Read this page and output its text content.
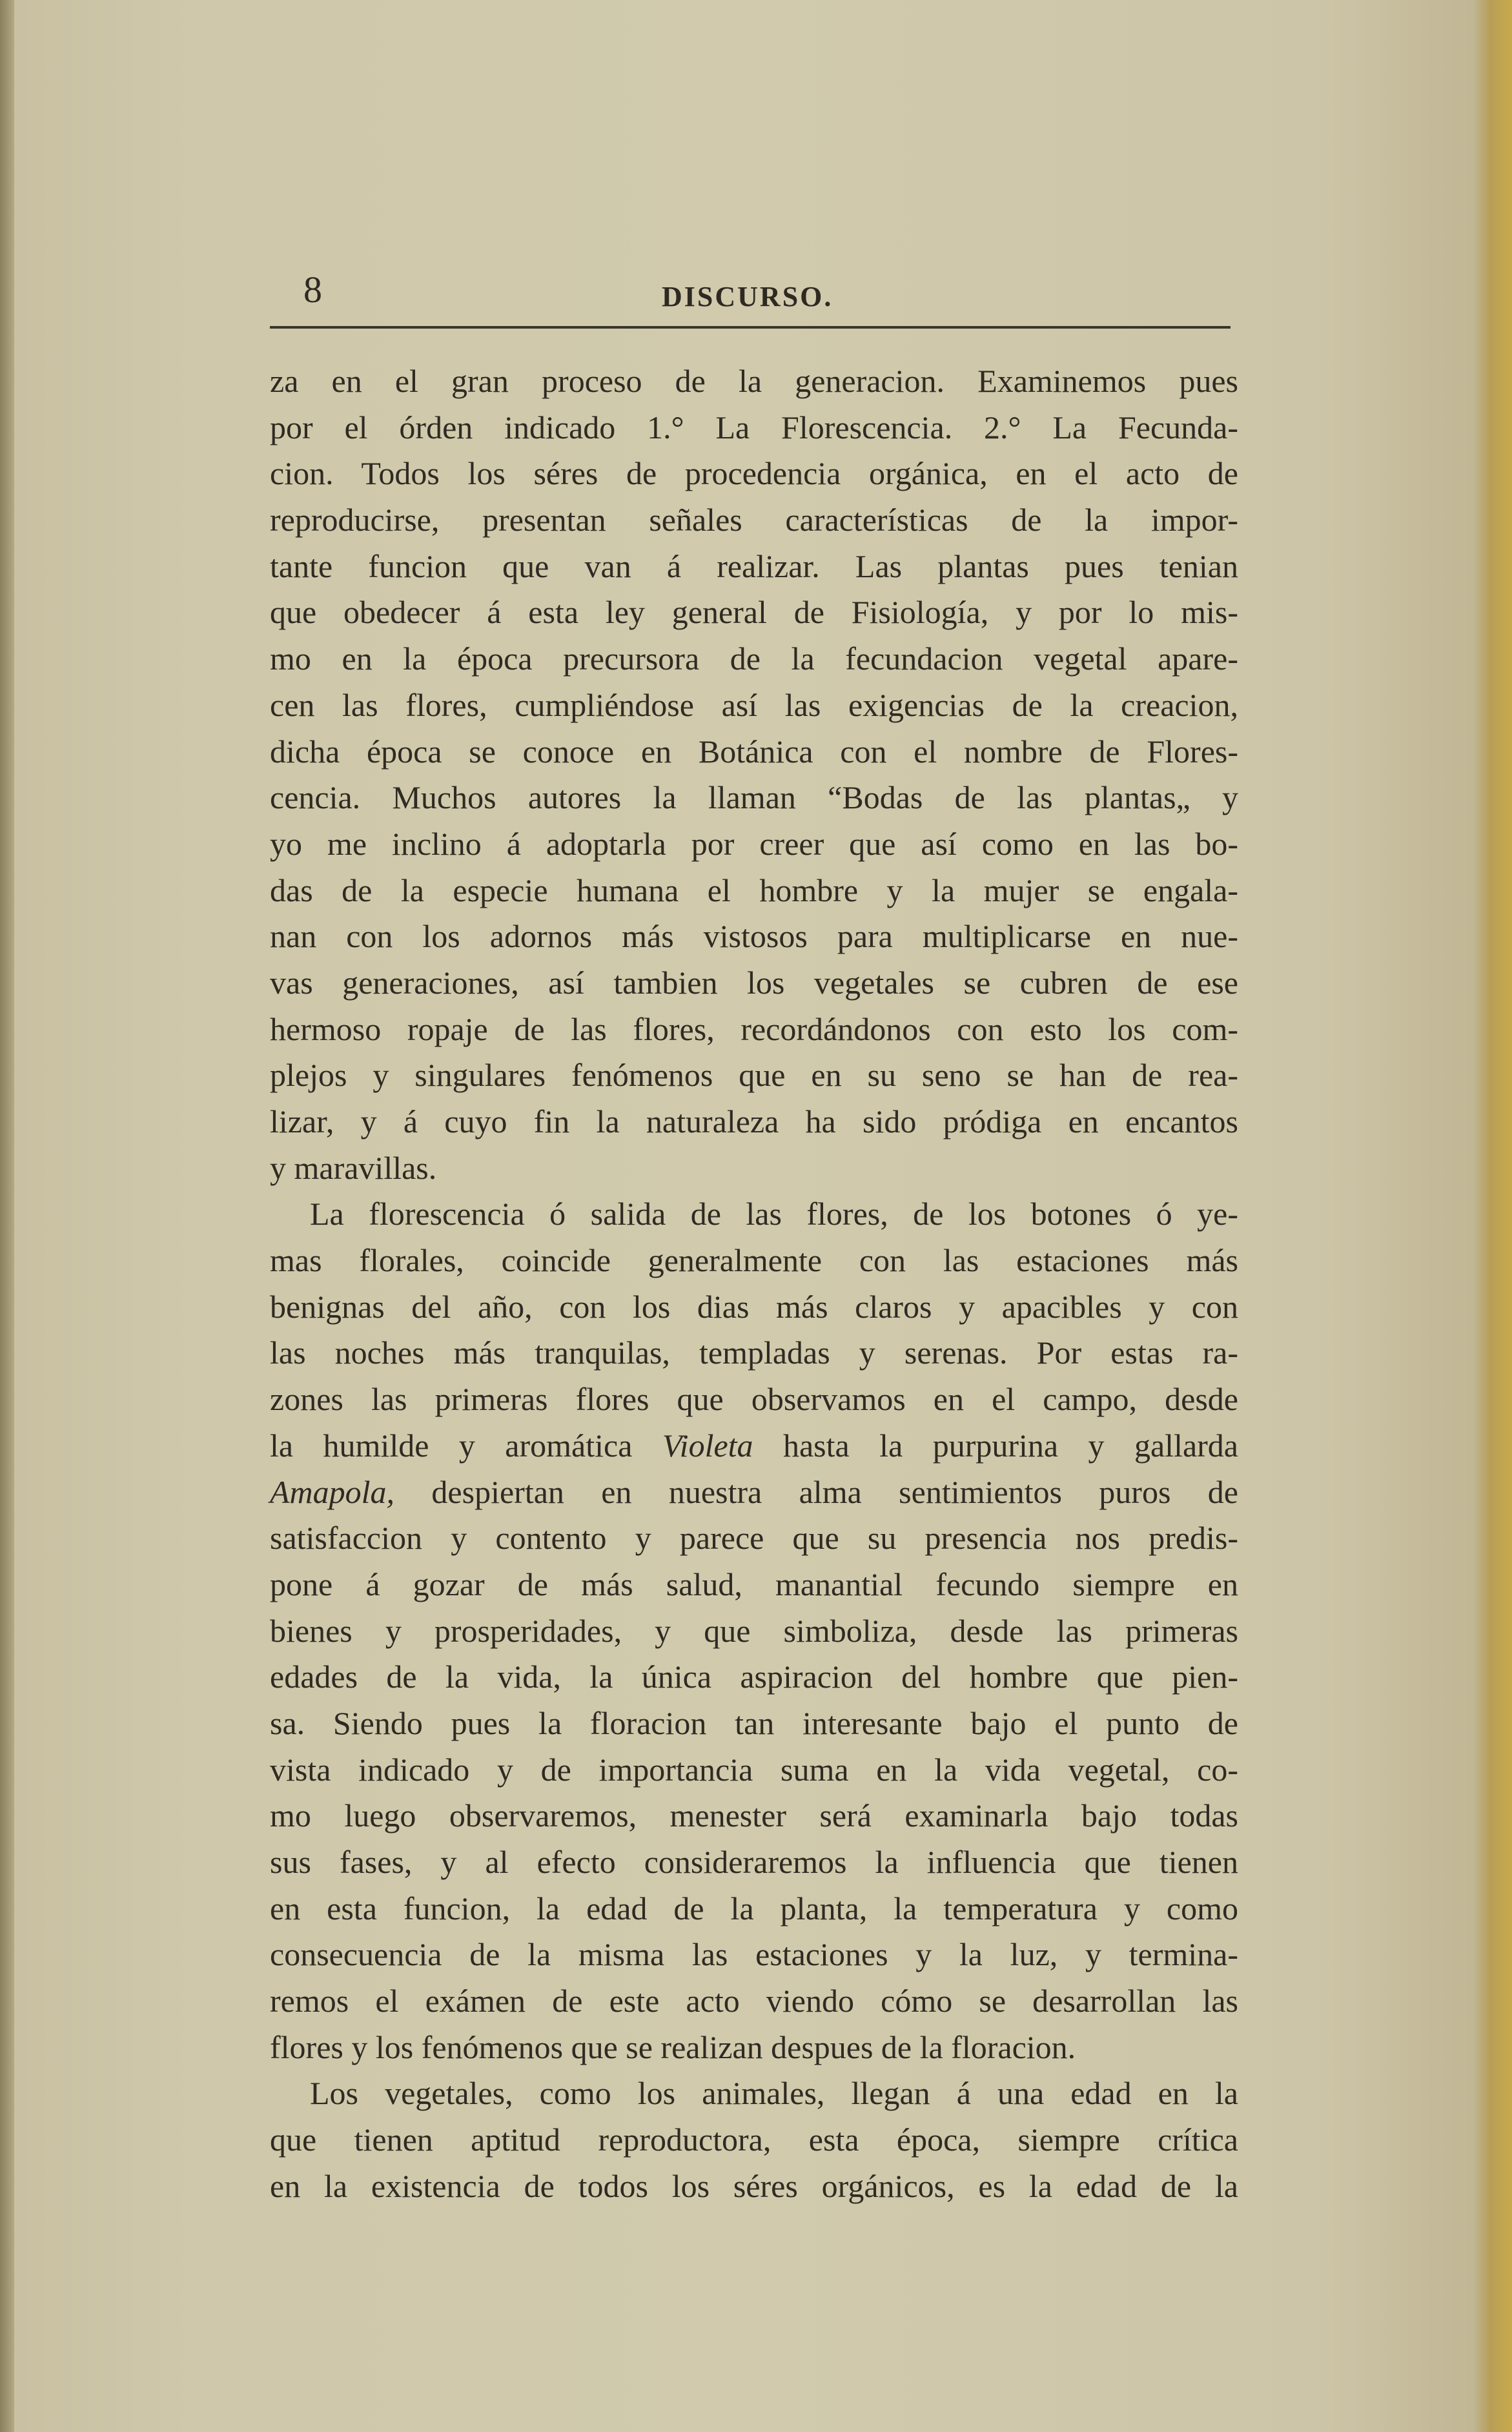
8	DISCURSO.
za en el gran proceso de la generacion. Examinemos pues
por el órden indicado 1.° La Florescencia. 2.° La Fecunda-
cion. Todos los séres de procedencia orgánica, en el acto de
reproducirse, presentan señales características de la impor-
tante funcion que van á realizar. Las plantas pues tenian
que obedecer á esta ley general de Fisiología, y por lo mis-
mo en la época precursora de la fecundacion vegetal apare-
cen las flores, cumpliéndose así las exigencias de la creacion,
dicha época se conoce en Botánica con el nombre de Flores-
cencia. Muchos autores la llaman “Bodas de las plantas„ y
yo me inclino á adoptarla por creer que así como en las bo-
das de la especie humana el hombre y la mujer se engala-
nan con los adornos más vistosos para multiplicarse en nue-
vas generaciones, así tambien los vegetales se cubren de ese
hermoso ropaje de las flores, recordándonos con esto los com-
plejos y singulares fenómenos que en su seno se han de rea-
lizar, y á cuyo fin la naturaleza ha sido pródiga en encantos
y maravillas.
La florescencia ó salida de las flores, de los botones ó ye-
mas florales, coincide generalmente con las estaciones más
benignas del año, con los dias más claros y apacibles y con
las noches más tranquilas, templadas y serenas. Por estas ra-
zones las primeras flores que observamos en el campo, desde
la humilde y aromática Violeta hasta la purpurina y gallarda
Amapola, despiertan en nuestra alma sentimientos puros de
satisfaccion y contento y parece que su presencia nos predis-
pone á gozar de más salud, manantial fecundo siempre en
bienes y prosperidades, y que simboliza, desde las primeras
edades de la vida, la única aspiracion del hombre que pien-
sa. Siendo pues la floracion tan interesante bajo el punto de
vista indicado y de importancia suma en la vida vegetal, co-
mo luego observaremos, menester será examinarla bajo todas
sus fases, y al efecto consideraremos la influencia que tienen
en esta funcion, la edad de la planta, la temperatura y como
consecuencia de la misma las estaciones y la luz, y termina-
remos el exámen de este acto viendo cómo se desarrollan las
flores y los fenómenos que se realizan despues de la floracion.
Los vegetales, como los animales, llegan á una edad en la
que tienen aptitud reproductora, esta época, siempre crítica
en la existencia de todos los séres orgánicos, es la edad de la
